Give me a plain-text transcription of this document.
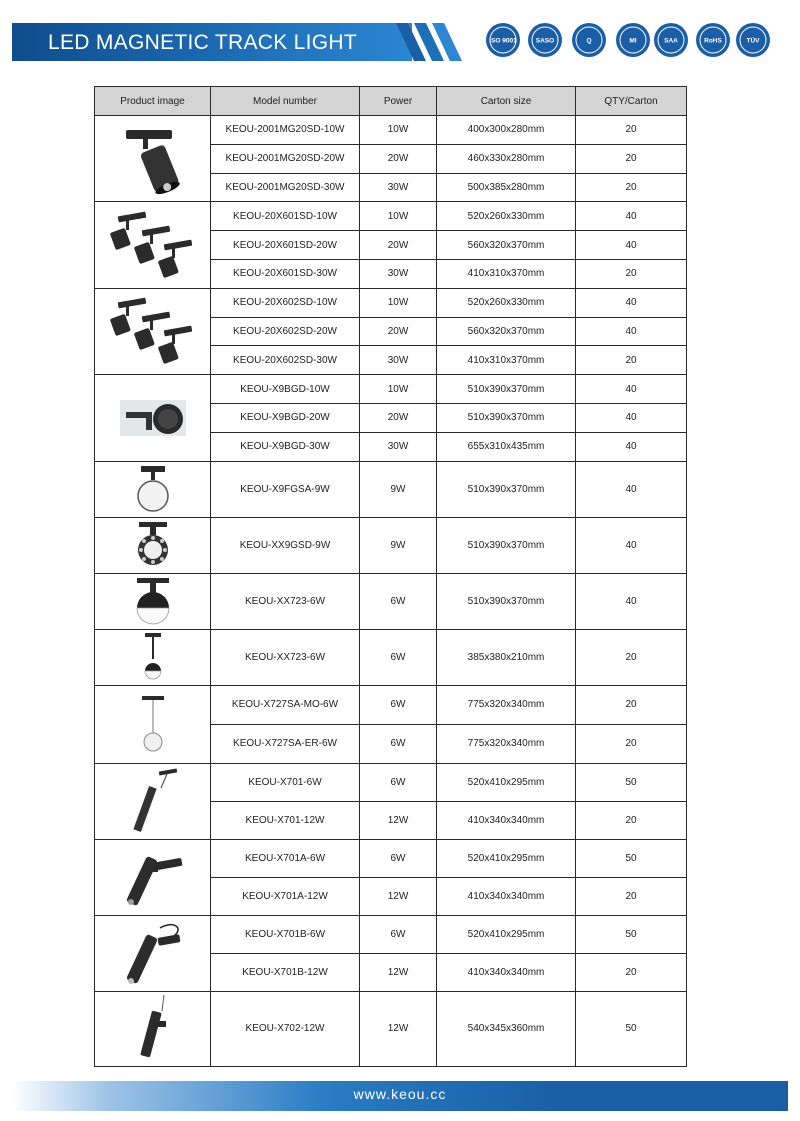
LED MAGNETIC TRACK LIGHT	ISO 9001	SASO	Q	MI	SAA	RoHS	TÜV
Product image	Model number	Power	Carton size	QTY/Carton

	KEOU-2001MG20SD-10W	10W	400x300x280mm	20
	KEOU-2001MG20SD-20W	20W	460x330x280mm	20
	KEOU-2001MG20SD-30W	30W	500x385x280mm	20

	KEOU-20X601SD-10W	10W	520x260x330mm	40
	KEOU-20X601SD-20W	20W	560x320x370mm	40
	KEOU-20X601SD-30W	30W	410x310x370mm	20

	KEOU-20X602SD-10W	10W	520x260x330mm	40
	KEOU-20X602SD-20W	20W	560x320x370mm	40
	KEOU-20X602SD-30W	30W	410x310x370mm	20

	KEOU-X9BGD-10W	10W	510x390x370mm	40
	KEOU-X9BGD-20W	20W	510x390x370mm	40
	KEOU-X9BGD-30W	30W	655x310x435mm	40

	KEOU-X9FGSA-9W	9W	510x390x370mm	40

	KEOU-XX9GSD-9W	9W	510x390x370mm	40

	KEOU-XX723-6W	6W	510x390x370mm	40

	KEOU-XX723-6W	6W	385x380x210mm	20

	KEOU-X727SA-MO-6W	6W	775x320x340mm	20
	KEOU-X727SA-ER-6W	6W	775x320x340mm	20

	KEOU-X701-6W	6W	520x410x295mm	50
	KEOU-X701-12W	12W	410x340x340mm	20

	KEOU-X701A-6W	6W	520x410x295mm	50
	KEOU-X701A-12W	12W	410x340x340mm	20

	KEOU-X701B-6W	6W	520x410x295mm	50
	KEOU-X701B-12W	12W	410x340x340mm	20

	KEOU-X702-12W	12W	540x345x360mm	50
www.keou.cc
